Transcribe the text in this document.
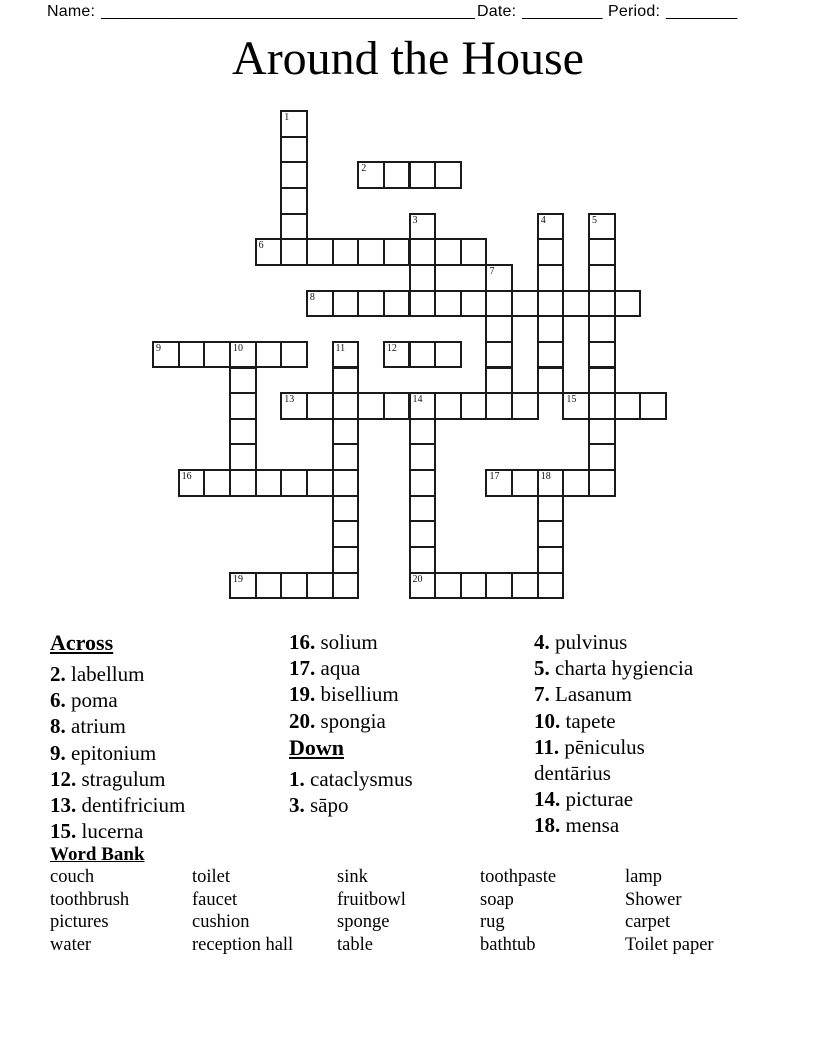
Name: __________________________________________ Date: _________ Period: ________
Around the House
1
2
3	4	5
6
7
8
9	10	11	12
13	14
20
15
16	17	18
19
Across
2. labellum
6. poma
8. atrium
9. epitonium
12. stragulum
13. dentifricium
15. lucerna
16. solium
17. aqua
19. bisellium
20. spongia
Down
1. cataclysmus
3. sāpo
4. pulvinus
5. charta hygiencia
7. Lasanum
10. tapete
11. pēniculus dentārius
14. picturae
18. mensa
Word Bank
couch
toothbrush
pictures
water
toilet
faucet
cushion
reception hall
sink
fruitbowl
sponge
table
toothpaste
soap
rug
bathtub
lamp
Shower
carpet
Toilet paper
